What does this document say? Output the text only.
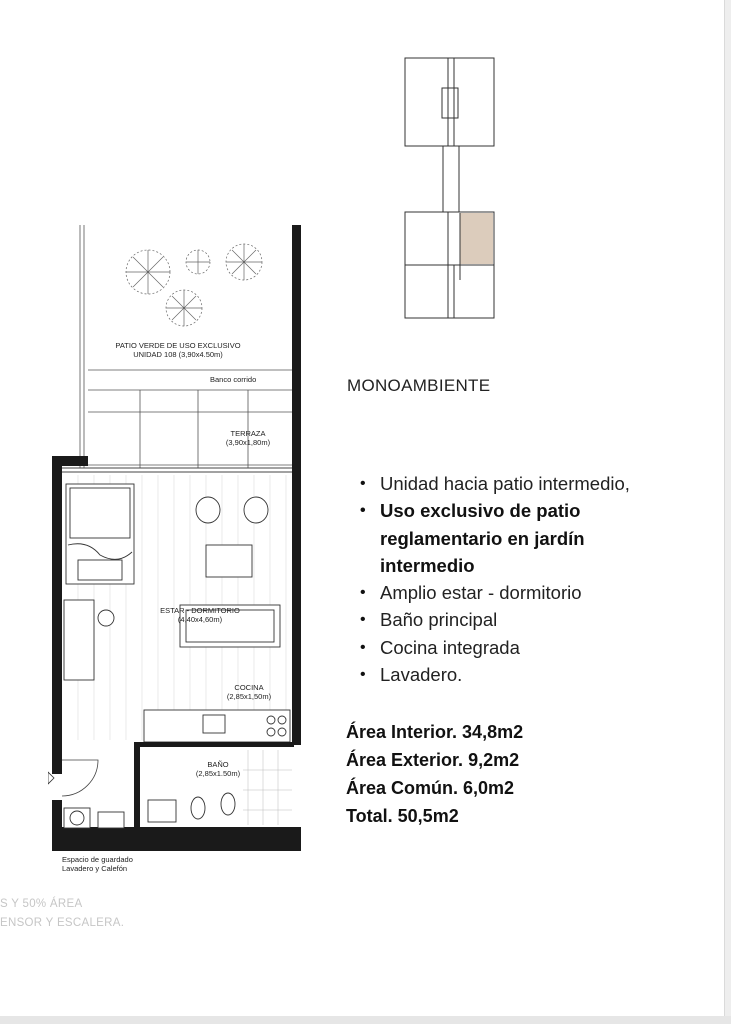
PATIO VERDE DE USO EXCLUSIVO
UNIDAD 108 (3,90x4.50m)
Banco corrido
TERRAZA
(3,90x1,80m)
ESTAR - DORMITORIO
(4,40x4,60m)
COCINA
(2,85x1,50m)
BAÑO
(2,85x1.50m)
Espacio de guardado
Lavadero y Calefón
MONOAMBIENTE
• Unidad hacia patio intermedio,
• Uso exclusivo de patio reglamentario en jardín intermedio
• Amplio estar - dormitorio
• Baño principal
• Cocina integrada
• Lavadero.
Área Interior. 34,8m2
Área Exterior. 9,2m2
Área Común. 6,0m2
Total. 50,5m2
S Y 50% ÁREA
ENSOR Y ESCALERA.
